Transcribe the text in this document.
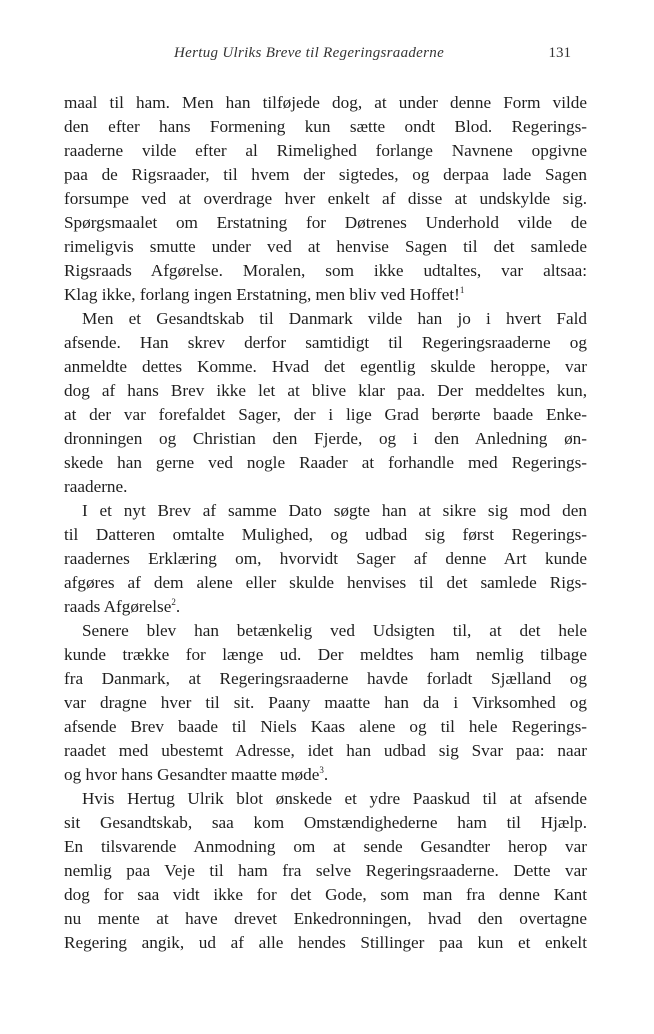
Hertug Ulriks Breve til Regeringsraaderne	131
maal til ham. Men han tilføjede dog, at under denne Form vilde
den efter hans Formening kun sætte ondt Blod. Regerings-
raaderne vilde efter al Rimelighed forlange Navnene opgivne
paa de Rigsraader, til hvem der sigtedes, og derpaa lade Sagen
forsumpe ved at overdrage hver enkelt af disse at undskylde sig.
Spørgsmaalet om Erstatning for Døtrenes Underhold vilde de
rimeligvis smutte under ved at henvise Sagen til det samlede
Rigsraads Afgørelse. Moralen, som ikke udtaltes, var altsaa:
Klag ikke, forlang ingen Erstatning, men bliv ved Hoffet!$^1$
Men et Gesandtskab til Danmark vilde han jo i hvert Fald
afsende. Han skrev derfor samtidigt til Regeringsraaderne og
anmeldte dettes Komme. Hvad det egentlig skulde heroppe, var
dog af hans Brev ikke let at blive klar paa. Der meddeltes kun,
at der var forefaldet Sager, der i lige Grad berørte baade Enke-
dronningen og Christian den Fjerde, og i den Anledning øn-
skede han gerne ved nogle Raader at forhandle med Regerings-
raaderne.
I et nyt Brev af samme Dato søgte han at sikre sig mod den
til Datteren omtalte Mulighed, og udbad sig først Regerings-
raadernes Erklæring om, hvorvidt Sager af denne Art kunde
afgøres af dem alene eller skulde henvises til det samlede Rigs-
raads Afgørelse$^2$.
Senere blev han betænkelig ved Udsigten til, at det hele
kunde trække for længe ud. Der meldtes ham nemlig tilbage
fra Danmark, at Regeringsraaderne havde forladt Sjælland og
var dragne hver til sit. Paany maatte han da i Virksomhed og
afsende Brev baade til Niels Kaas alene og til hele Regerings-
raadet med ubestemt Adresse, idet han udbad sig Svar paa: naar
og hvor hans Gesandter maatte møde$^3$.
Hvis Hertug Ulrik blot ønskede et ydre Paaskud til at afsende
sit Gesandtskab, saa kom Omstændighederne ham til Hjælp.
En tilsvarende Anmodning om at sende Gesandter herop var
nemlig paa Veje til ham fra selve Regeringsraaderne. Dette var
dog for saa vidt ikke for det Gode, som man fra denne Kant
nu mente at have drevet Enkedronningen, hvad den overtagne
Regering angik, ud af alle hendes Stillinger paa kun et enkelt
